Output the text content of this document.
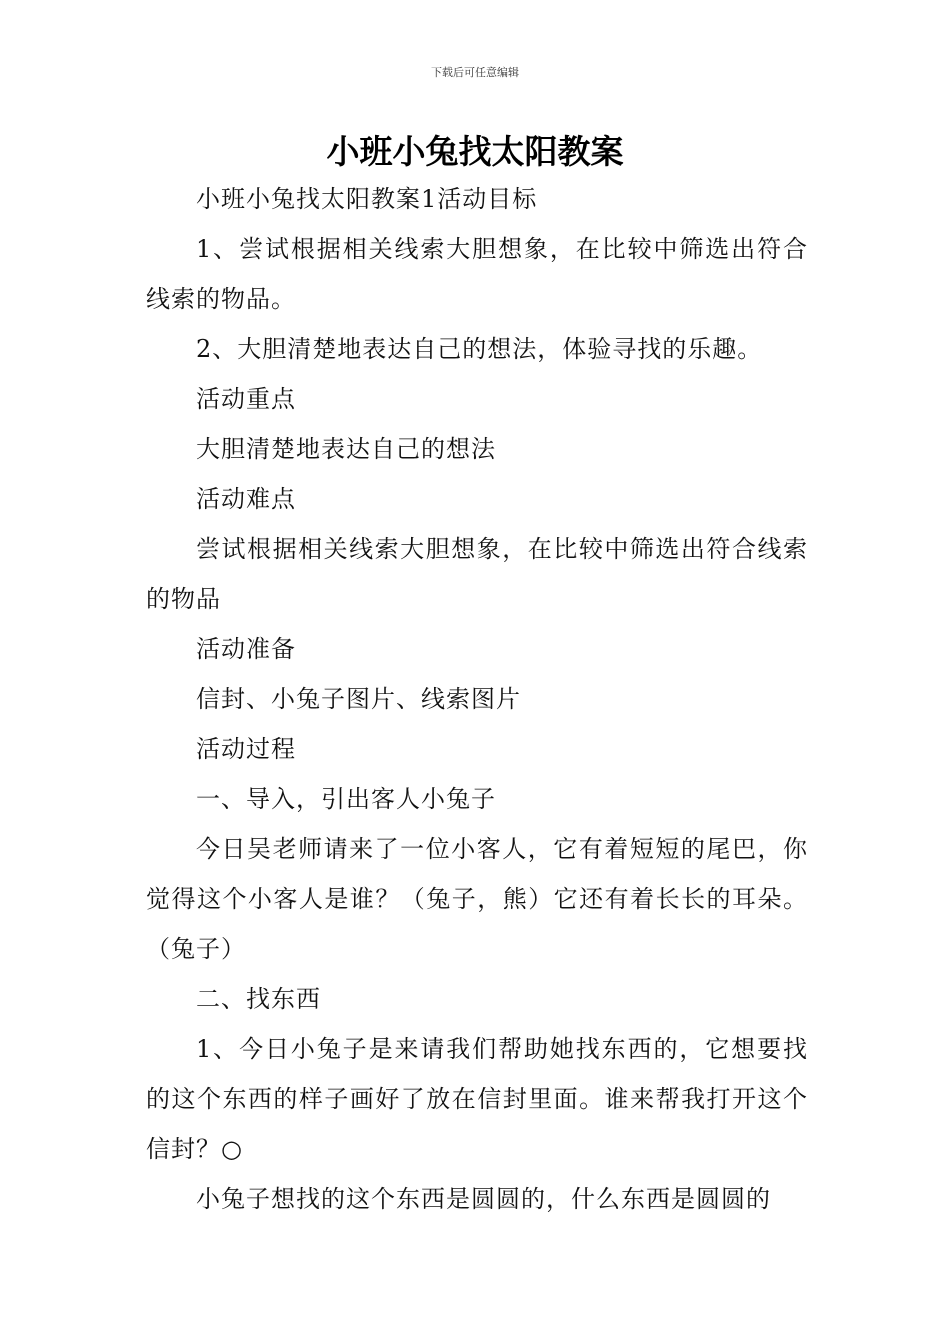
下载后可任意编辑
小班小兔找太阳教案

小班小兔找太阳教案1活动目标

1、尝试根据相关线索大胆想象，在比较中筛选出符合线索的物品。

2、大胆清楚地表达自己的想法，体验寻找的乐趣。

活动重点

大胆清楚地表达自己的想法

活动难点

尝试根据相关线索大胆想象，在比较中筛选出符合线索的物品

活动准备

信封、小兔子图片、线索图片

活动过程

一、导入，引出客人小兔子

今日吴老师请来了一位小客人，它有着短短的尾巴，你觉得这个小客人是谁？（兔子，熊）它还有着长长的耳朵。（兔子）

二、找东西

1、今日小兔子是来请我们帮助她找东西的，它想要找的这个东西的样子画好了放在信封里面。谁来帮我打开这个信封？○

小兔子想找的这个东西是圆圆的，什么东西是圆圆的
